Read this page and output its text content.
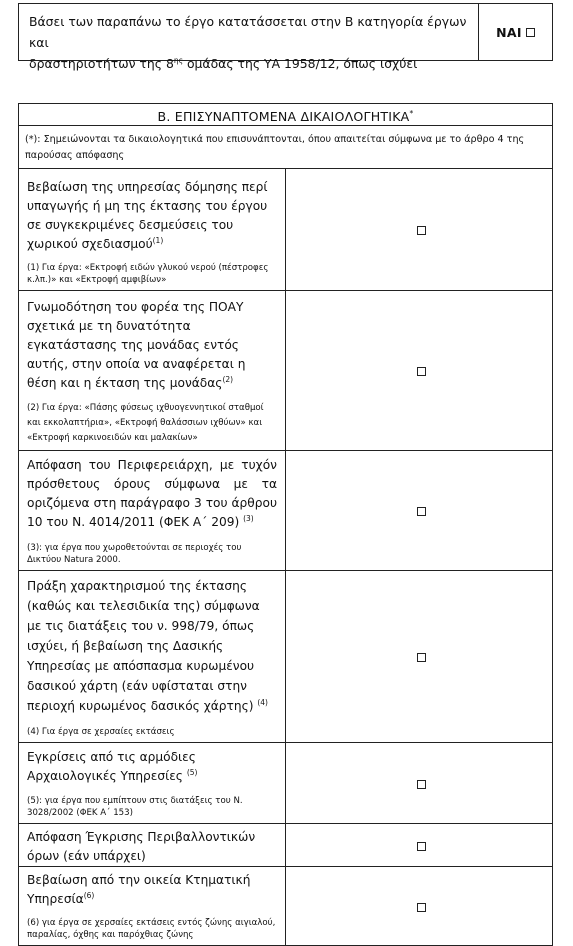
Βάσει των παραπάνω το έργο κατατάσσεται στην Β κατηγορία έργων και
δραστηριοτήτων της $8^{\eta\varsigma}$ ομάδας της ΥΑ 1958/12, όπως ισχύει
ΝΑΙ
Β. ΕΠΙΣΥΝΑΠΤΟΜΕΝΑ ΔΙΚΑΙΟΛΟΓΗΤΙΚΑ*

(*): Σημειώνονται τα δικαιολογητικά που επισυνάπτονται, όπου απαιτείται σύμφωνα με το άρθρο 4 της παρούσας απόφασης	

Βεβαίωση της υπηρεσίας δόμησης περί υπαγωγής ή μη της έκτασης του έργου σε συγκεκριμένες δεσμεύσεις του χωρικού σχεδιασμού$^{(1)}$
(1) Για έργα: «Εκτροφή ειδών γλυκού νερού (πέστροφες κ.λπ.)» και «Εκτροφή αμφιβίων»	

Γνωμοδότηση του φορέα της ΠΟΑΥ σχετικά με τη δυνατότητα εγκατάστασης της μονάδας εντός αυτής, στην οποία να αναφέρεται η θέση και η έκταση της μονάδας$^{(2)}$
(2) Για έργα: «Πάσης φύσεως ιχθυογεννητικοί σταθμοί και εκκολαπτήρια», «Εκτροφή θαλάσσιων ιχθύων» και «Εκτροφή καρκινοειδών και μαλακίων»	

Απόφαση του Περιφερειάρχη, με τυχόν πρόσθετους όρους σύμφωνα με τα οριζόμενα στη παράγραφο 3 του άρθρου 10 του Ν. 4014/2011 (ΦΕΚ Α΄ 209) $^{(3)}$
(3): για έργα που χωροθετούνται σε περιοχές του Δικτύου Natura 2000.	

Πράξη χαρακτηρισμού της έκτασης (καθώς και τελεσιδικία της) σύμφωνα με τις διατάξεις του ν. 998/79, όπως ισχύει, ή βεβαίωση της Δασικής Υπηρεσίας με απόσπασμα κυρωμένου δασικού χάρτη (εάν υφίσταται στην περιοχή κυρωμένος δασικός χάρτης) $^{(4)}$
(4) Για έργα σε χερσαίες εκτάσεις	

Εγκρίσεις από τις αρμόδιες Αρχαιολογικές Υπηρεσίες $^{(5)}$
(5): για έργα που εμπίπτουν στις διατάξεις του Ν. 3028/2002 (ΦΕΚ Α΄ 153)	

Απόφαση Έγκρισης Περιβαλλοντικών όρων (εάν υπάρχει)	

Βεβαίωση από την οικεία Κτηματική Υπηρεσία$^{(6)}$
(6) για έργα σε χερσαίες εκτάσεις εντός ζώνης αιγιαλού, παραλίας, όχθης και παρόχθιας ζώνης	
